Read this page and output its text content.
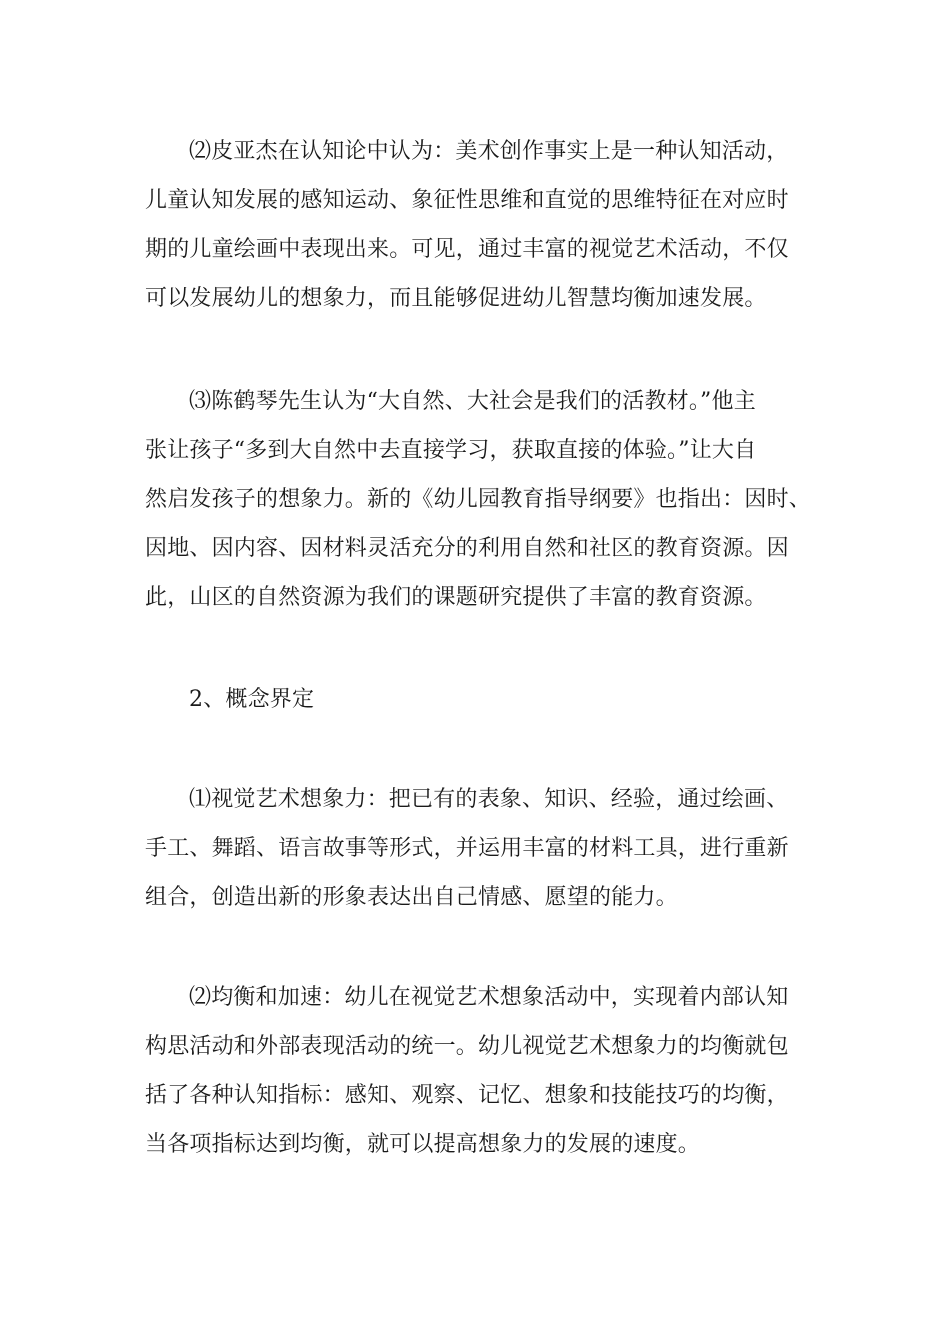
⑵皮亚杰在认知论中认为：美术创作事实上是一种认知活动，
儿童认知发展的感知运动、象征性思维和直觉的思维特征在对应时
期的儿童绘画中表现出来。可见，通过丰富的视觉艺术活动，不仅
可以发展幼儿的想象力，而且能够促进幼儿智慧均衡加速发展。
⑶陈鹤琴先生认为“大自然、大社会是我们的活教材。”他主
张让孩子“多到大自然中去直接学习，获取直接的体验。”让大自
然启发孩子的想象力。新的《幼儿园教育指导纲要》也指出：因时、
因地、因内容、因材料灵活充分的利用自然和社区的教育资源。因
此，山区的自然资源为我们的课题研究提供了丰富的教育资源。
2、概念界定
⑴视觉艺术想象力：把已有的表象、知识、经验，通过绘画、
手工、舞蹈、语言故事等形式，并运用丰富的材料工具，进行重新
组合，创造出新的形象表达出自己情感、愿望的能力。
⑵均衡和加速：幼儿在视觉艺术想象活动中，实现着内部认知
构思活动和外部表现活动的统一。幼儿视觉艺术想象力的均衡就包
括了各种认知指标：感知、观察、记忆、想象和技能技巧的均衡，
当各项指标达到均衡，就可以提高想象力的发展的速度。
